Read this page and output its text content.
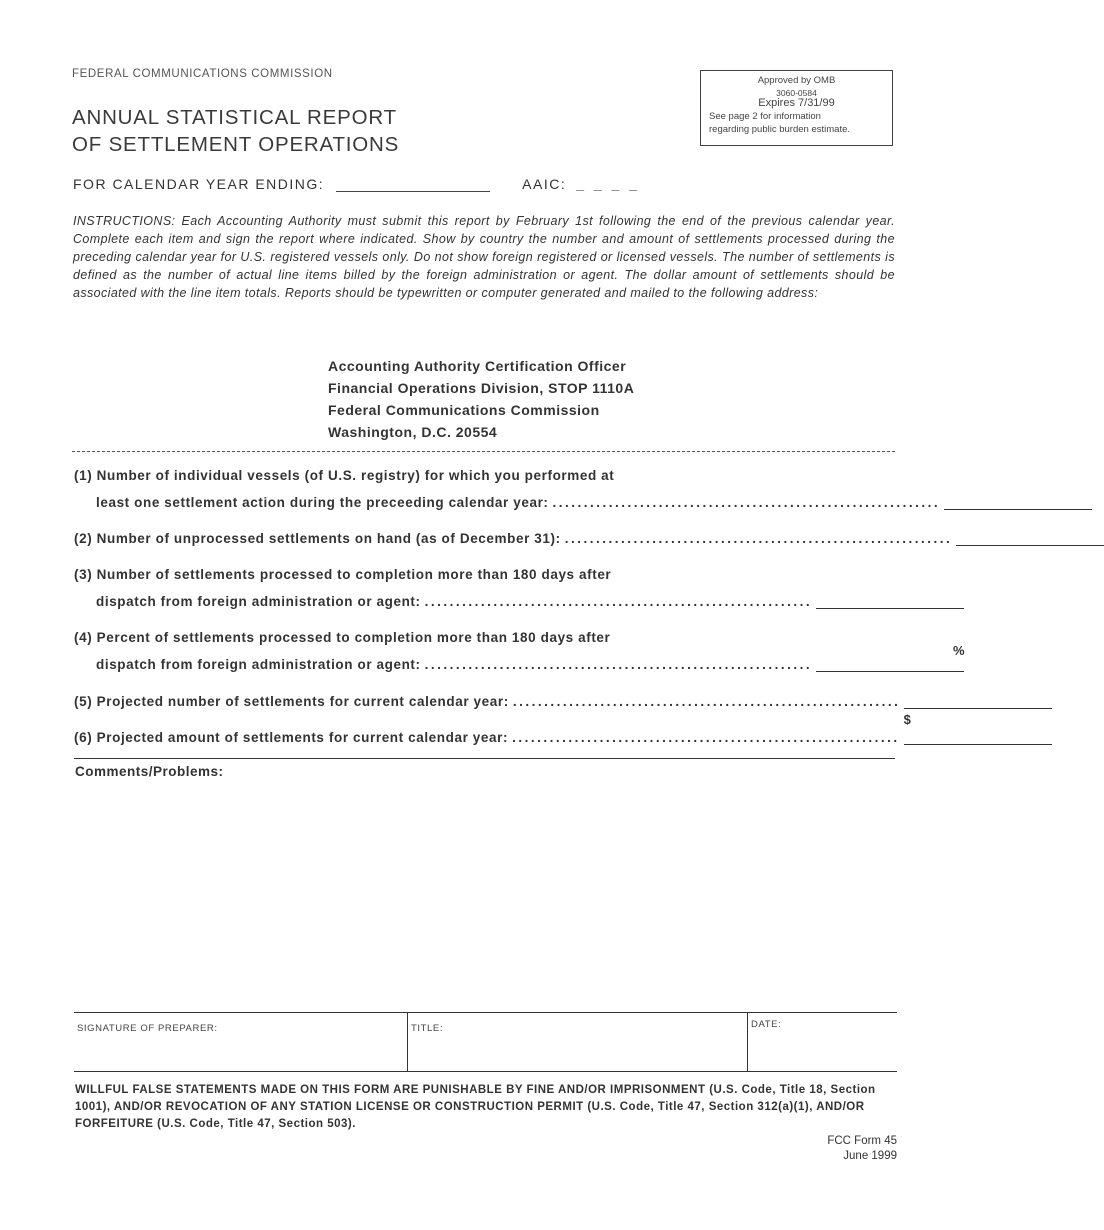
FEDERAL COMMUNICATIONS COMMISSION
ANNUAL STATISTICAL REPORT
OF SETTLEMENT OPERATIONS
Approved by OMB
3060-0584
Expires 7/31/99
See page 2 for information
regarding public burden estimate.
FOR CALENDAR YEAR ENDING:	AAIC: _ _ _ _
INSTRUCTIONS: Each Accounting Authority must submit this report by February 1st following the end of the previous calendar year. Complete each item and sign the report where indicated. Show by country the number and amount of settlements processed during the preceding calendar year for U.S. registered vessels only. Do not show foreign registered or licensed vessels. The number of settlements is defined as the number of actual line items billed by the foreign administration or agent. The dollar amount of settlements should be associated with the line item totals. Reports should be typewritten or computer generated and mailed to the following address:
Accounting Authority Certification Officer
Financial Operations Division, STOP 1110A
Federal Communications Commission
Washington, D.C. 20554
(1) Number of individual vessels (of U.S. registry) for which you performed at
least one settlement action during the preceeding calendar year: ..............................................................
(2) Number of unprocessed settlements on hand (as of December 31): ..............................................................
(3) Number of settlements processed to completion more than 180 days after
dispatch from foreign administration or agent: ..............................................................
(4) Percent of settlements processed to completion more than 180 days after
dispatch from foreign administration or agent: ..............................................................
%
(5) Projected number of settlements for current calendar year: ..............................................................
(6) Projected amount of settlements for current calendar year: ..............................................................
$
Comments/Problems:
SIGNATURE OF PREPARER:	TITLE:	DATE:
WILLFUL FALSE STATEMENTS MADE ON THIS FORM ARE PUNISHABLE BY FINE AND/OR IMPRISONMENT (U.S. Code, Title 18, Section 1001), AND/OR REVOCATION OF ANY STATION LICENSE OR CONSTRUCTION PERMIT (U.S. Code, Title 47, Section 312(a)(1), AND/OR FORFEITURE (U.S. Code, Title 47, Section 503).
FCC Form 45
June 1999
